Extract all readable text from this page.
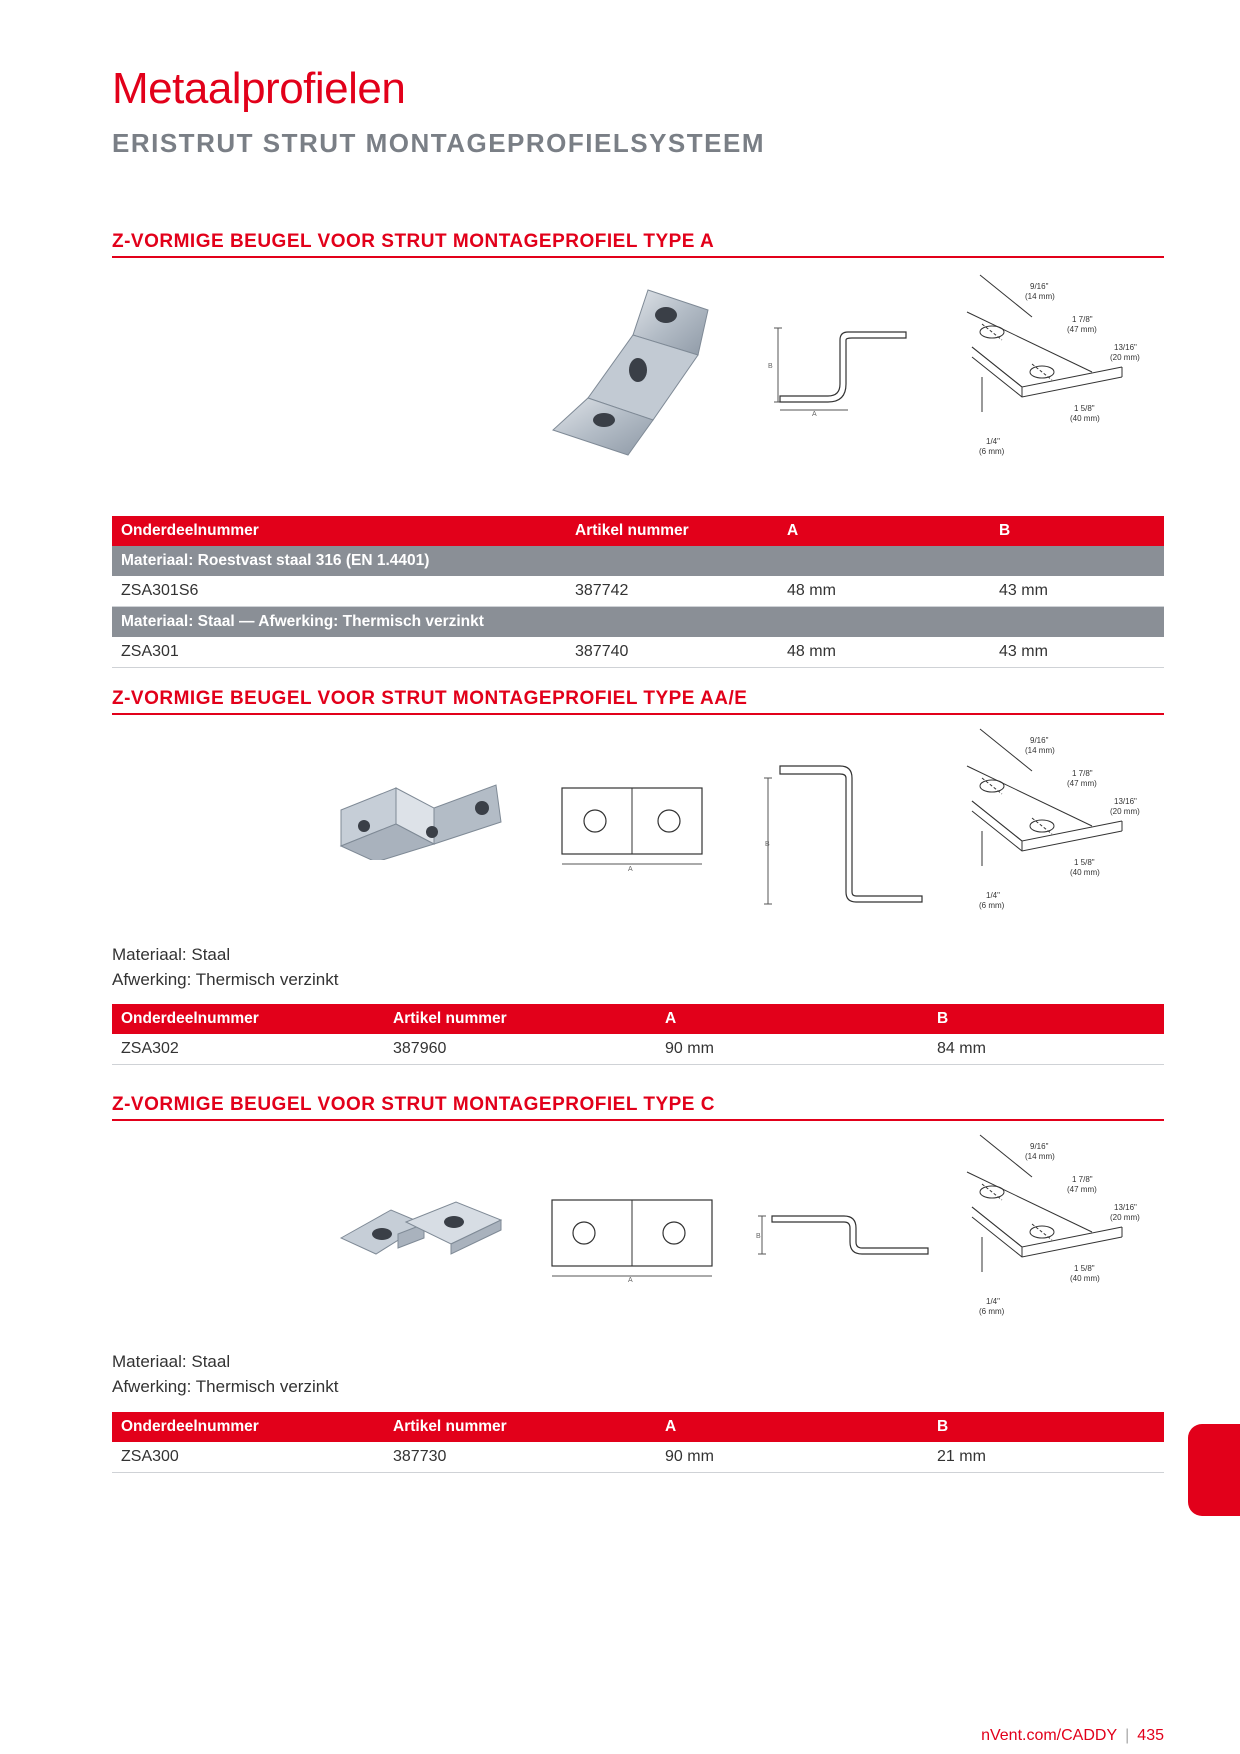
Metaalprofielen
ERISTRUT STRUT MONTAGEPROFIELSYSTEEM
Z-VORMIGE BEUGEL VOOR STRUT MONTAGEPROFIEL TYPE A
B
A
9/16"
(14 mm)
1 7/8"
(47 mm)
13/16"
(20 mm)
1 5/8"
(40 mm)
1/4"
(6 mm)
Onderdeelnummer	Artikel nummer	A	B
Materiaal: Roestvast staal 316 (EN 1.4401)			
ZSA301S6	387742	48 mm	43 mm
Materiaal: Staal — Afwerking: Thermisch verzinkt			
ZSA301	387740	48 mm	43 mm
Z-VORMIGE BEUGEL VOOR STRUT MONTAGEPROFIEL TYPE AA/E
A
B
9/16"
(14 mm)
1 7/8"
(47 mm)
13/16"
(20 mm)
1 5/8"
(40 mm)
1/4"
(6 mm)
Materiaal: Staal
Afwerking: Thermisch verzinkt
Onderdeelnummer	Artikel nummer	A	B
ZSA302	387960	90 mm	84 mm
Z-VORMIGE BEUGEL VOOR STRUT MONTAGEPROFIEL TYPE C
A
B
9/16"
(14 mm)
1 7/8"
(47 mm)
13/16"
(20 mm)
1 5/8"
(40 mm)
1/4"
(6 mm)
Materiaal: Staal
Afwerking: Thermisch verzinkt
Onderdeelnummer	Artikel nummer	A	B
ZSA300	387730	90 mm	21 mm
nVent.com/CADDY | 435
